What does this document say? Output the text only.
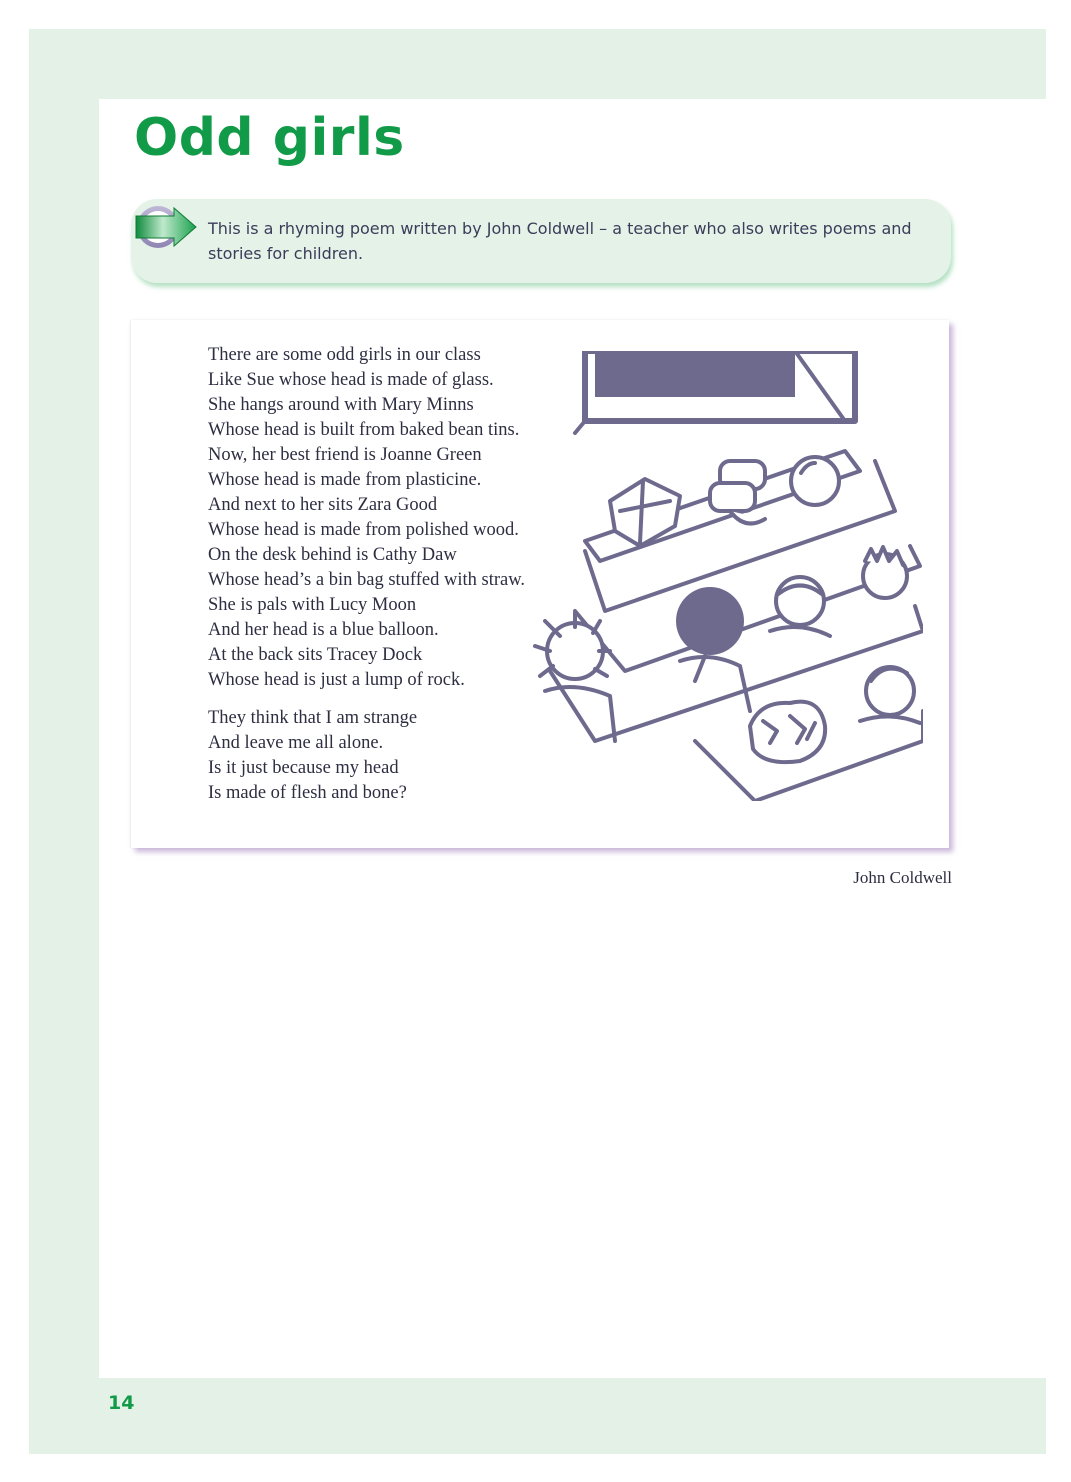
Odd girls

This is a rhyming poem written by John Coldwell – a teacher who also writes poems and stories for children.

There are some odd girls in our class
Like Sue whose head is made of glass.
She hangs around with Mary Minns
Whose head is built from baked bean tins.
Now, her best friend is Joanne Green
Whose head is made from plasticine.
And next to her sits Zara Good
Whose head is made from polished wood.
On the desk behind is Cathy Daw
Whose head’s a bin bag stuffed with straw.
She is pals with Lucy Moon
And her head is a blue balloon.
At the back sits Tracey Dock
Whose head is just a lump of rock.
They think that I am strange
And leave me all alone.
Is it just because my head
Is made of flesh and bone?

John Coldwell

14
